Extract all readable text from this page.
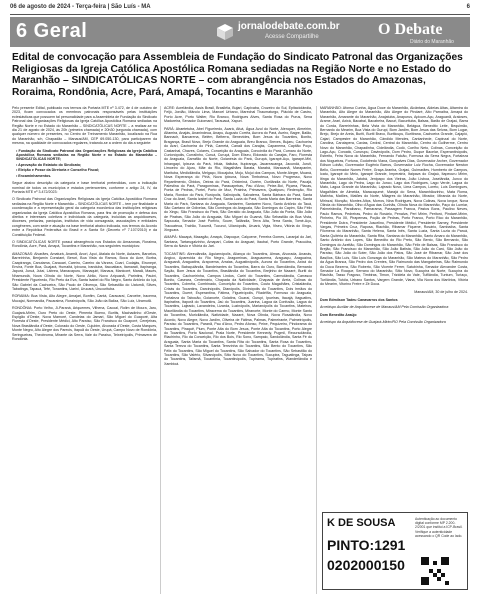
06 de agosto de 2024 - Terça-feira | São Luís - MA	6
6 Geral	jornalodebate.com.br
Acesse Compartilhe	O Debate
Diário do Maranhão
Edital de convocação para Assembleia de Fundação do Sindicato Patronal das Organizações Religiosas da Igreja Católica Apostólica Romana sediadas na Região Norte e no Estado do Maranhão – SINDICATÓLICAS NORTE – com abrangência nos Estados do Amazonas, Roraima, Rondônia, Acre, Pará, Amapá, Tocantins e Maranhão

Pelo presente Edital, publicado nos termos da Portaria MTE nº 3.472, de 4 de outubro de 2023, ficam convocados os membros patronais responsáveis pelas instituições eclesiásticas que possuem tal personalidade para a Assembleia de Fundação do Sindicato Patronal das Organizações Religiosas da Igreja Católica Apostólica Romana sediadas na Região Norte e no Estado do Maranhão – SINDICATÓLICAS NORTE – a realizar-se no dia 21 de agosto de 2024, às 20h (primeira chamada) e 20h30 (segunda chamada), com qualquer número de presentes, no Centro de Treinamento Maranhão, localizado na Rua do Maranhão, s/n, Chapadão – Manaus/AM, CEP 69.050-130, para participarem da mesma, na qualidade de convocados regulares, tratando-se a ordem do dia a seguinte:

• Fundação do Sindicato Patronal das Organizações Religiosas da Igreja Católica Apostólica Romana sediadas na Região Norte e no Estado do Maranhão – SINDICATÓLICAS NORTE;
• Aprovação do Estatuto do Sindicato;
• Eleição e Posse da Diretoria e Conselho Fiscal;
• Encaminhamentos.

Segue abaixo descrição da categoria e base territorial pretendidas, com a indicação nominal de todos os municípios e estados pertencentes, conforme o artigo 24, IV, da Portaria MTE nº 3.472/2023:

O Sindicato Patronal das Organizações Religiosas da Igreja Católica Apostólica Romana sediadas na Região Norte e Maranhão – SINDICATÓLICAS NORTE – tem por finalidade a coordenação e a representação geral da categoria econômica das instituições religiosas organizadas da Igreja Católica Apostólica Romana, para fins de promoção e defesa dos direitos e interesses coletivos e individuais da categoria, incluídas as arquidioceses, dioceses, prelazias, paróquias, institutos de vida consagrada, associações e entidades congêneres, com sede e atuação na base territorial abaixo indicada, nos termos do Acordo entre a República Federativa do Brasil e a Santa Sé (Decreto nº 7.107/2010) e da Constituição Federal.

O SINDICATÓLICAS NORTE possui abrangência nos Estados do Amazonas, Roraima, Rondônia, Acre, Pará, Amapá, Tocantins e Maranhão, nos seguintes municípios:

AMAZONAS: Alvarães, Amaturá, Anamã, Anori, Apuí, Atalaia do Norte, Autazes, Barcelos, Barreirinha, Benjamin Constant, Beruri, Boa Vista do Ramos, Boca do Acre, Borba, Caapiranga, Canutama, Carauari, Careiro, Careiro da Várzea, Coari, Codajás, Eirunepé, Envira, Fonte Boa, Guajará, Humaitá, Ipixuna, Iranduba, Itacoatiara, Itamarati, Itapiranga, Japurá, Juruá, Jutaí, Lábrea, Manacapuru, Manaquiri, Manaus, Manicoré, Maraã, Maués, Nhamundá, Nova Olinda do Norte, Novo Airão, Novo Aripuanã, Parintins, Pauini, Presidente Figueiredo, Rio Preto da Eva, Santa Isabel do Rio Negro, Santo Antônio do Içá, São Gabriel da Cachoeira, São Paulo de Olivença, São Sebastião do Uatumã, Silves, Tabatinga, Tapauá, Tefé, Tonantins, Uarini, Urucará, Urucurituba.

RORAIMA: Boa Vista, Alto Alegre, Amajari, Bonfim, Cantá, Caracaraí, Caroebe, Iracema, Mucajaí, Normandia, Pacaraima, Rorainópolis, São João da Baliza, São Luiz, Uiramutã.

RONDÔNIA: Porto Velho, Ji-Paraná, Ariquemes, Vilhena, Cacoal, Rolim de Moura, Jaru, Guajará-Mirim, Ouro Preto do Oeste, Pimenta Bueno, Buritis, Machadinho d'Oeste, Espigão d'Oeste, Nova Mamoré, Candeias do Jamari, São Miguel do Guaporé, Alta Floresta d'Oeste, Presidente Médici, Alto Paraíso, São Francisco do Guaporé, Cerejeiras, Nova Brasilândia d'Oeste, Colorado do Oeste, Cujubim, Alvorada d'Oeste, Costa Marques, Monte Negro, Alto Alegre dos Parecis, Itapuã do Oeste, Urupá, Campo Novo de Rondônia, Seringueiras, Theobroma, Mirante da Serra, Vale do Paraíso, Teixeirópolis, Primavera de Rondônia.

ACRE: Acrelândia, Assis Brasil, Brasiléia, Bujari, Capixaba, Cruzeiro do Sul, Epitaciolândia, Feijó, Jordão, Mâncio Lima, Manoel Urbano, Marechal Thaumaturgo, Plácido de Castro, Porto Acre, Porto Walter, Rio Branco, Rodrigues Alves, Santa Rosa do Purus, Sena Madureira, Senador Guiomard, Tarauacá, Xapuri.

PARÁ: Abaetetuba, Abel Figueiredo, Acará, Afuá, Água Azul do Norte, Alenquer, Almeirim, Altamira, Anajás, Ananindeua, Anapu, Augusto Corrêa, Aurora do Pará, Aveiro, Bagre, Baião, Bannach, Barcarena, Belém, Belterra, Benevides, Bom Jesus do Tocantins, Bonito, Bragança, Brasil Novo, Brejo Grande do Araguaia, Breu Branco, Breves, Bujaru, Cachoeira do Arari, Cachoeira do Piriá, Cametá, Canaã dos Carajás, Capanema, Capitão Poço, Castanhal, Chaves, Colares, Conceição do Araguaia, Concórdia do Pará, Cumaru do Norte, Curionópolis, Curralinho, Curuá, Curuçá, Dom Eliseu, Eldorado do Carajás, Faro, Floresta do Araguaia, Garrafão do Norte, Goianésia do Pará, Gurupá, Igarapé-Açu, Igarapé-Miri, Inhangapi, Ipixuna do Pará, Irituia, Itaituba, Itupiranga, Jacareacanga, Jacundá, Juruti, Limoeiro do Ajuru, Mãe do Rio, Magalhães Barata, Marabá, Maracanã, Marapanim, Marituba, Medicilândia, Melgaço, Mocajuba, Moju, Mojuí dos Campos, Monte Alegre, Muaná, Nova Esperança do Piriá, Nova Ipixuna, Nova Timboteua, Novo Progresso, Novo Repartimento, Óbidos, Oeiras do Pará, Oriximiná, Ourém, Ourilândia do Norte, Pacajá, Palestina do Pará, Paragominas, Parauapebas, Pau d'Arco, Peixe-Boi, Piçarra, Placas, Ponta de Pedras, Portel, Porto de Moz, Prainha, Primavera, Quatipuru, Redenção, Rio Maria, Rondon do Pará, Rurópolis, Salinópolis, Salvaterra, Santa Bárbara do Pará, Santa Cruz do Arari, Santa Izabel do Pará, Santa Luzia do Pará, Santa Maria das Barreiras, Santa Maria do Pará, Santana do Araguaia, Santarém, Santarém Novo, Santo Antônio do Tauá, São Caetano de Odivelas, São Domingos do Araguaia, São Domingos do Capim, São Félix do Xingu, São Francisco do Pará, São Geraldo do Araguaia, São João da Ponta, São João de Pirabas, São João do Araguaia, São Miguel do Guamá, São Sebastião da Boa Vista, Sapucaia, Senador José Porfírio, Soure, Tailândia, Terra Alta, Terra Santa, Tomé-Açu, Tracuateua, Trairão, Tucumã, Tucuruí, Ulianópolis, Uruará, Vigia, Viseu, Vitória do Xingu, Xinguara.

AMAPÁ: Macapá, Mazagão, Amapá, Oiapoque, Calçoene, Ferreira Gomes, Laranjal do Jari, Santana, Tartarugalzinho, Amapari, Cutias do Araguari, Itaubal, Porto Grande, Pracuúba, Serra do Navio e Vitória do Jari.

TOCANTINS: Abreulândia, Aguiarnópolis, Aliança do Tocantins, Almas, Alvorada, Ananás, Angico, Aparecida do Rio Negro, Aragominas, Araguacema, Araguaçu, Araguaína, Araguanã, Araguatins, Arapoema, Arraias, Augustinópolis, Aurora do Tocantins, Axixá do Tocantins, Babaçulândia, Bandeirantes do Tocantins, Barra do Ouro, Barrolândia, Bernardo Sayão, Bom Jesus do Tocantins, Brasilândia do Tocantins, Brejinho de Nazaré, Buriti do Tocantins, Cachoeirinha, Campos Lindos, Cariri do Tocantins, Carmolândia, Carrasco Bonito, Caseara, Centenário, Chapada da Natividade, Chapada de Areia, Colinas do Tocantins, Colméia, Combinado, Conceição do Tocantins, Couto Magalhães, Cristalândia, Crixás do Tocantins, Darcinópolis, Dianópolis, Divinópolis do Tocantins, Dois Irmãos do Tocantins, Dueré, Esperantina, Fátima, Figueirópolis, Filadélfia, Formoso do Araguaia, Fortaleza do Tabocão, Goianorte, Goiatins, Guaraí, Gurupi, Ipueiras, Itacajá, Itaguatins, Itapiratins, Itaporã do Tocantins, Jaú do Tocantins, Juarina, Lagoa da Confusão, Lagoa do Tocantins, Lajeado, Lavandeira, Lizarda, Luzinópolis, Marianópolis do Tocantins, Mateiros, Maurilândia do Tocantins, Miracema do Tocantins, Miranorte, Monte do Carmo, Monte Santo do Tocantins, Muricilândia, Natividade, Nazaré, Nova Olinda, Nova Rosalândia, Novo Acordo, Novo Alegre, Novo Jardim, Oliveira de Fátima, Palmas, Palmeirante, Palmeirópolis, Paraíso do Tocantins, Paranã, Pau d'Arco, Pedro Afonso, Peixe, Pequizeiro, Pindorama do Tocantins, Piraquê, Pium, Ponte Alta do Bom Jesus, Ponte Alta do Tocantins, Porto Alegre do Tocantins, Porto Nacional, Praia Norte, Presidente Kennedy, Pugmil, Recursolândia, Riachinho, Rio da Conceição, Rio dos Bois, Rio Sono, Sampaio, Sandolândia, Santa Fé do Araguaia, Santa Maria do Tocantins, Santa Rita do Tocantins, Santa Rosa do Tocantins, Santa Tereza do Tocantins, Santa Terezinha do Tocantins, São Bento do Tocantins, São Félix do Tocantins, São Miguel do Tocantins, São Salvador do Tocantins, São Sebastião do Tocantins, São Valério, Silvanópolis, Sítio Novo do Tocantins, Sucupira, Taguatinga, Taipas do Tocantins, Talismã, Tocantínia, Tocantinópolis, Tupirama, Tupiratins, Wanderlândia e Xambioá.

MARANHÃO: Afonso Cunha, Água Doce do Maranhão, Alcântara, Aldeias Altas, Altamira do Maranhão, Alto Alegre do Maranhão, Alto Alegre do Pindaré, Alto Parnaíba, Amapá do Maranhão, Amarante do Maranhão, Anajatuba, Anapurus, Apicum-Açu, Araguanã, Araioses, Arame, Arari, Axixá, Bacabal, Bacabeira, Bacuri, Bacurituba, Balsas, Barão de Grajaú, Barra do Corda, Barreirinhas, Bela Vista do Maranhão, Belágua, Benedito Leite, Bequimão, Bernardo do Mearim, Boa Vista do Gurupi, Bom Jardim, Bom Jesus das Selvas, Bom Lugar, Brejo, Brejo de Areia, Buriti, Buriti Bravo, Buriticupu, Buritirana, Cachoeira Grande, Cajapió, Cajari, Campestre do Maranhão, Cândido Mendes, Cantanhede, Capinzal do Norte, Carolina, Carutapera, Caxias, Cedral, Central do Maranhão, Centro do Guilherme, Centro Novo do Maranhão, Chapadinha, Cidelândia, Codó, Coelho Neto, Colinas, Conceição do Lago-Açu, Coroatá, Cururupu, Davinópolis, Dom Pedro, Duque Bacelar, Esperantinópolis, Estreito, Feira Nova do Maranhão, Fernando Falcão, Formosa da Serra Negra, Fortaleza dos Nogueiras, Fortuna, Godofredo Viana, Gonçalves Dias, Governador Archer, Governador Edison Lobão, Governador Eugênio Barros, Governador Luiz Rocha, Governador Newton Bello, Governador Nunes Freire, Graça Aranha, Grajaú, Guimarães, Humberto de Campos, Icatu, Igarapé do Meio, Igarapé Grande, Imperatriz, Itaipava do Grajaú, Itapecuru Mirim, Itinga do Maranhão, Jatobá, Jenipapo dos Vieiras, João Lisboa, Joselândia, Junco do Maranhão, Lago da Pedra, Lago do Junco, Lago dos Rodrigues, Lago Verde, Lagoa do Mato, Lagoa Grande do Maranhão, Lajeado Novo, Lima Campos, Loreto, Luís Domingues, Magalhães de Almeida, Maracaçumé, Marajá do Sena, Maranhãozinho, Mata Roma, Matinha, Matões, Matões do Norte, Milagres do Maranhão, Mirador, Miranda do Norte, Mirinzal, Monção, Montes Altos, Morros, Nina Rodrigues, Nova Colinas, Nova Iorque, Nova Olinda do Maranhão, Olho d'Água das Cunhãs, Olinda Nova do Maranhão, Paço do Lumiar, Palmeirândia, Paraibano, Parnarama, Passagem Franca, Pastos Bons, Paulino Neves, Paulo Ramos, Pedreiras, Pedro do Rosário, Penalva, Peri Mirim, Peritoró, Pindaré-Mirim, Pinheiro, Pio XII, Pirapemas, Poção de Pedras, Porto Franco, Porto Rico do Maranhão, Presidente Dutra, Presidente Juscelino, Presidente Médici, Presidente Sarney, Presidente Vargas, Primeira Cruz, Raposa, Riachão, Ribamar Fiquene, Rosário, Sambaíba, Santa Filomena do Maranhão, Santa Helena, Santa Inês, Santa Luzia, Santa Luzia do Paruá, Santa Quitéria do Maranhão, Santa Rita, Santana do Maranhão, Santo Amaro do Maranhão, Santo Antônio dos Lopes, São Benedito do Rio Preto, São Bento, São Bernardo, São Domingos do Azeitão, São Domingos do Maranhão, São Félix de Balsas, São Francisco do Brejão, São Francisco do Maranhão, São João Batista, São João do Carú, São João do Paraíso, São João do Soter, São João dos Patos, São José de Ribamar, São José dos Basílios, São Luís, São Luís Gonzaga do Maranhão, São Mateus do Maranhão, São Pedro da Água Branca, São Pedro dos Crentes, São Raimundo das Mangabeiras, São Raimundo do Doca Bezerra, São Roberto, São Vicente Ferrer, Satubinha, Senador Alexandre Costa, Senador La Rocque, Serrano do Maranhão, Sítio Novo, Sucupira do Norte, Sucupira do Riachão, Tasso Fragoso, Timbiras, Timon, Trizidela do Vale, Tufilândia, Tuntum, Turiaçu, Turilândia, Tutóia, Urbano Santos, Vargem Grande, Viana, Vila Nova dos Martírios, Vitória do Mearim, Vitorino Freire e Zé Doca.

Manaus/AM, 30 de julho de 2024.

Dom Edmilson Tadeu Canavarros dos Santos

Arcebispo Auxiliar de Arquidiocese de Manaus/AM Pela Comissão Organizadora

Dom Benedito Araújo

Arcebispo da Arquidiocese de Guajará-Mirim/RO Pela Comissão Organizadora

K DE SOUSA
PINTO:1291
0202000150
Autenticação ao documento digital conforme MP 2.200-2/2001 que institui a ICP-Brasil. Verifique a autenticidade acessando o QR Code ao lado.
